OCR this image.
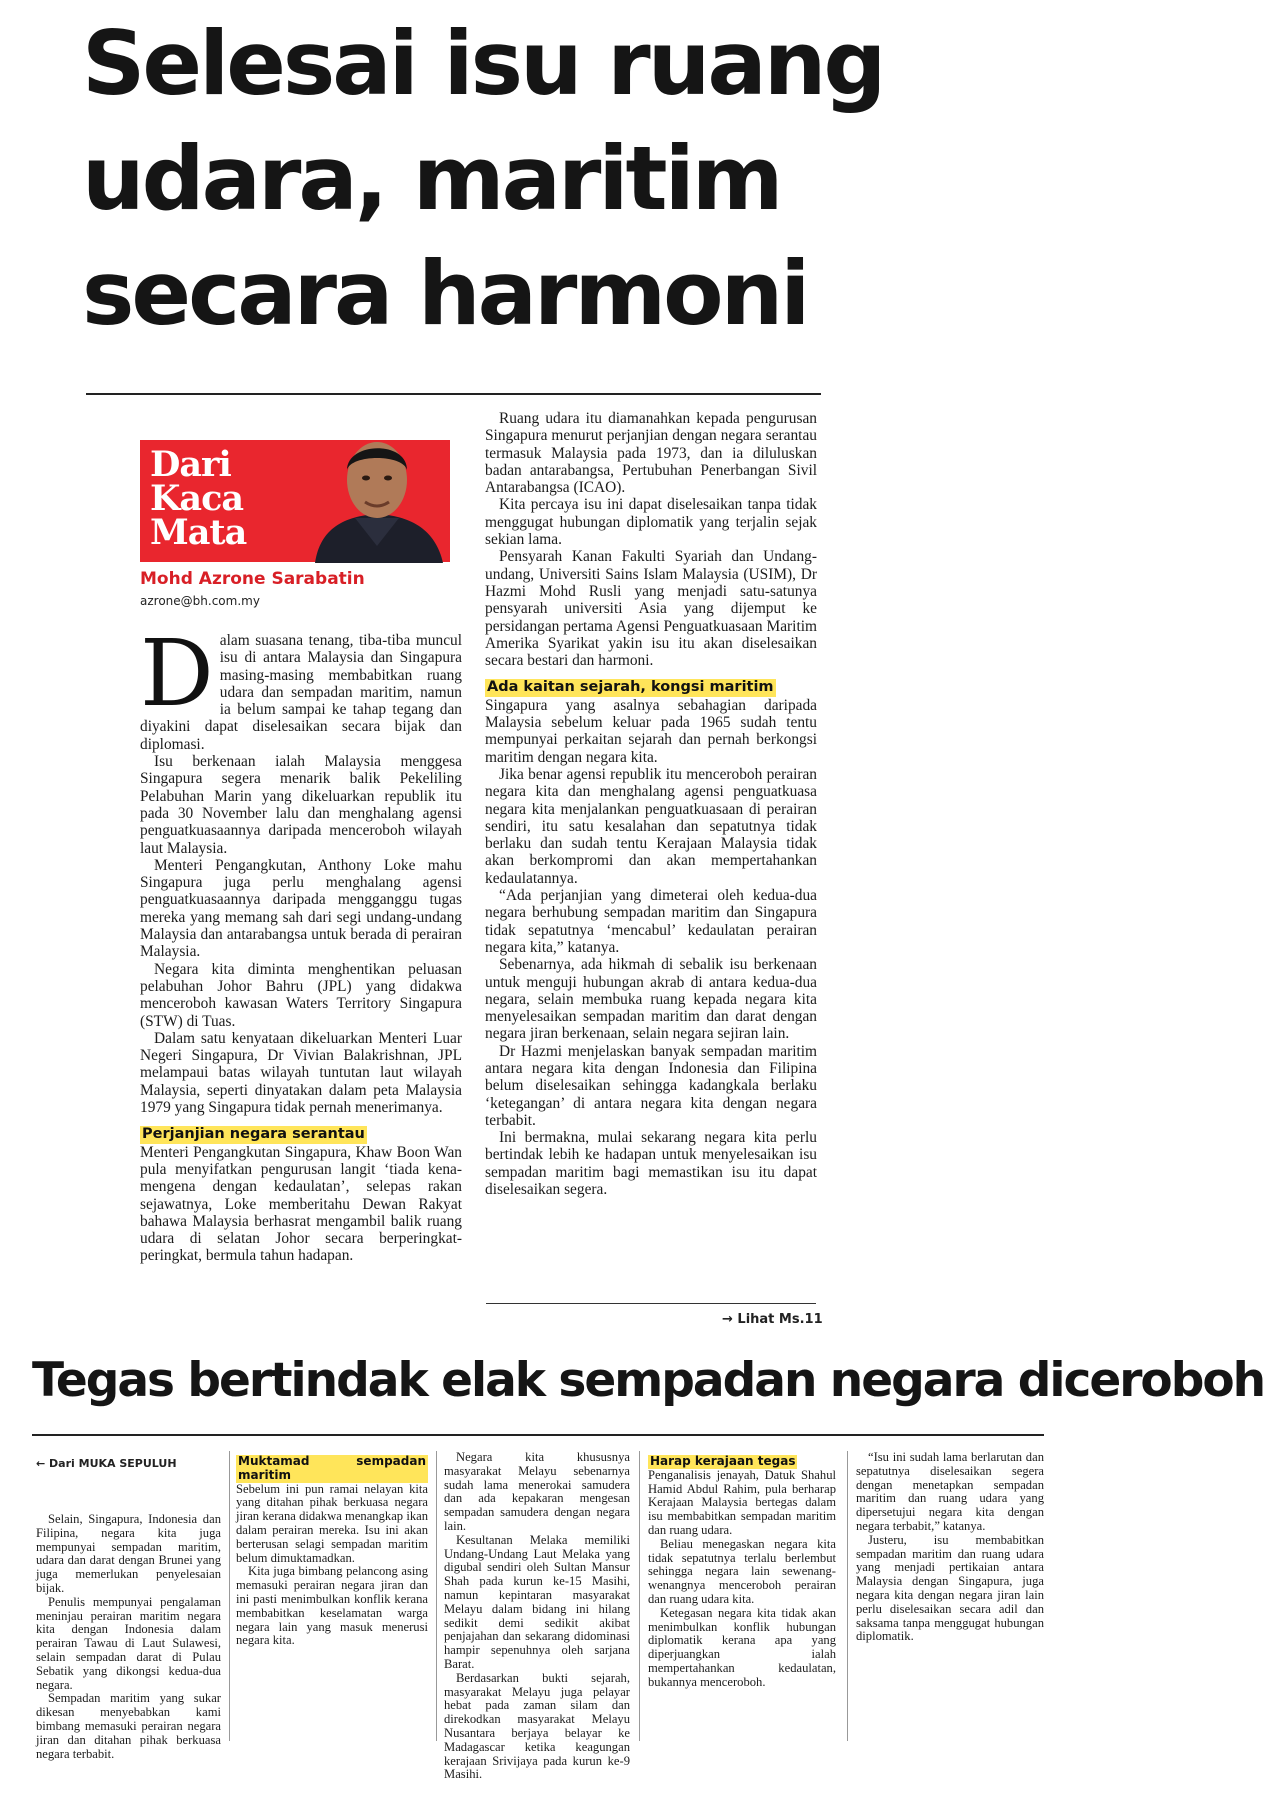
Selesai isu ruang
udara, maritim
secara harmoni
Dari
Kaca
Mata
Mohd Azrone Sarabatin
azrone@bh.com.my

Dalam suasana tenang, tiba-tiba muncul isu di antara Malaysia dan Singapura masing-masing membabitkan ruang udara dan sempadan maritim, namun ia belum sampai ke tahap tegang dan diyakini dapat diselesaikan secara bijak dan diplomasi.

Isu berkenaan ialah Malaysia menggesa Singapura segera menarik balik Pekeliling Pelabuhan Marin yang dikeluarkan republik itu pada 30 November lalu dan menghalang agensi penguatkuasaannya daripada menceroboh wilayah laut Malaysia.

Menteri Pengangkutan, Anthony Loke mahu Singapura juga perlu menghalang agensi penguatkuasaannya daripada mengganggu tugas mereka yang memang sah dari segi undang-undang Malaysia dan antarabangsa untuk berada di perairan Malaysia.

Negara kita diminta menghentikan peluasan pelabuhan Johor Bahru (JPL) yang didakwa menceroboh kawasan Waters Territory Singapura (STW) di Tuas.

Dalam satu kenyataan dikeluarkan Menteri Luar Negeri Singapura, Dr Vivian Balakrishnan, JPL melampaui batas wilayah tuntutan laut wilayah Malaysia, seperti dinyatakan dalam peta Malaysia 1979 yang Singapura tidak pernah menerimanya.

Perjanjian negara serantau

Menteri Pengangkutan Singapura, Khaw Boon Wan pula menyifatkan pengurusan langit ‘tiada kena-mengena dengan kedaulatan’, selepas rakan sejawatnya, Loke memberitahu Dewan Rakyat bahawa Malaysia berhasrat mengambil balik ruang udara di selatan Johor secara berperingkat-peringkat, bermula tahun hadapan.

Ruang udara itu diamanahkan kepada pengurusan Singapura menurut perjanjian dengan negara serantau termasuk Malaysia pada 1973, dan ia diluluskan badan antarabangsa, Pertubuhan Penerbangan Sivil Antarabangsa (ICAO).

Kita percaya isu ini dapat diselesaikan tanpa tidak menggugat hubungan diplomatik yang terjalin sejak sekian lama.

Pensyarah Kanan Fakulti Syariah dan Undang-undang, Universiti Sains Islam Malaysia (USIM), Dr Hazmi Mohd Rusli yang menjadi satu-satunya pensyarah universiti Asia yang dijemput ke persidangan pertama Agensi Penguatkuasaan Maritim Amerika Syarikat yakin isu itu akan diselesaikan secara bestari dan harmoni.

Ada kaitan sejarah, kongsi maritim

Singapura yang asalnya sebahagian daripada Malaysia sebelum keluar pada 1965 sudah tentu mempunyai perkaitan sejarah dan pernah berkongsi maritim dengan negara kita.

Jika benar agensi republik itu menceroboh perairan negara kita dan menghalang agensi penguatkuasa negara kita menjalankan penguatkuasaan di perairan sendiri, itu satu kesalahan dan sepatutnya tidak berlaku dan sudah tentu Kerajaan Malaysia tidak akan berkompromi dan akan mempertahankan kedaulatannya.

“Ada perjanjian yang dimeterai oleh kedua-dua negara berhubung sempadan maritim dan Singapura tidak sepatutnya ‘mencabul’ kedaulatan perairan negara kita,” katanya.

Sebenarnya, ada hikmah di sebalik isu berkenaan untuk menguji hubungan akrab di antara kedua-dua negara, selain membuka ruang kepada negara kita menyelesaikan sempadan maritim dan darat dengan negara jiran berkenaan, selain negara sejiran lain.

Dr Hazmi menjelaskan banyak sempadan maritim antara negara kita dengan Indonesia dan Filipina belum diselesaikan sehingga kadangkala berlaku ‘ketegangan’ di antara negara kita dengan negara terbabit.

Ini bermakna, mulai sekarang negara kita perlu bertindak lebih ke hadapan untuk menyelesaikan isu sempadan maritim bagi memastikan isu itu dapat diselesaikan segera.

→ Lihat Ms.11
Tegas bertindak elak sempadan negara diceroboh
← Dari MUKA SEPULUH

Selain, Singapura, Indonesia dan Filipina, negara kita juga mempunyai sempadan maritim, udara dan darat dengan Brunei yang juga memerlukan penyelesaian bijak.

Penulis mempunyai pengalaman meninjau perairan maritim negara kita dengan Indonesia dalam perairan Tawau di Laut Sulawesi, selain sempadan darat di Pulau Sebatik yang dikongsi kedua-dua negara.

Sempadan maritim yang sukar dikesan menyebabkan kami bimbang memasuki perairan negara jiran dan ditahan pihak berkuasa negara terbabit.

Muktamad sempadan maritim

Sebelum ini pun ramai nelayan kita yang ditahan pihak berkuasa negara jiran kerana didakwa menangkap ikan dalam perairan mereka. Isu ini akan berterusan selagi sempadan maritim belum dimuktamadkan.

Kita juga bimbang pelancong asing memasuki perairan negara jiran dan ini pasti menimbulkan konflik kerana membabitkan keselamatan warga negara lain yang masuk menerusi negara kita.

Negara kita khususnya masyarakat Melayu sebenarnya sudah lama menerokai samudera dan ada kepakaran mengesan sempadan samudera dengan negara lain.

Kesultanan Melaka memiliki Undang-Undang Laut Melaka yang digubal sendiri oleh Sultan Mansur Shah pada kurun ke-15 Masihi, namun kepintaran masyarakat Melayu dalam bidang ini hilang sedikit demi sedikit akibat penjajahan dan sekarang didominasi hampir sepenuhnya oleh sarjana Barat.

Berdasarkan bukti sejarah, masyarakat Melayu juga pelayar hebat pada zaman silam dan direkodkan masyarakat Melayu Nusantara berjaya belayar ke Madagascar ketika keagungan kerajaan Srivijaya pada kurun ke-9 Masihi.

Harap kerajaan tegas

Penganalisis jenayah, Datuk Shahul Hamid Abdul Rahim, pula berharap Kerajaan Malaysia bertegas dalam isu membabitkan sempadan maritim dan ruang udara.

Beliau menegaskan negara kita tidak sepatutnya terlalu berlembut sehingga negara lain sewenang-wenangnya menceroboh perairan dan ruang udara kita.

Ketegasan negara kita tidak akan menimbulkan konflik hubungan diplomatik kerana apa yang diperjuangkan ialah mempertahankan kedaulatan, bukannya menceroboh.

“Isu ini sudah lama berlarutan dan sepatutnya diselesaikan segera dengan menetapkan sempadan maritim dan ruang udara yang dipersetujui negara kita dengan negara terbabit,” katanya.

Justeru, isu membabitkan sempadan maritim dan ruang udara yang menjadi pertikaian antara Malaysia dengan Singapura, juga negara kita dengan negara jiran lain perlu diselesaikan secara adil dan saksama tanpa menggugat hubungan diplomatik.
